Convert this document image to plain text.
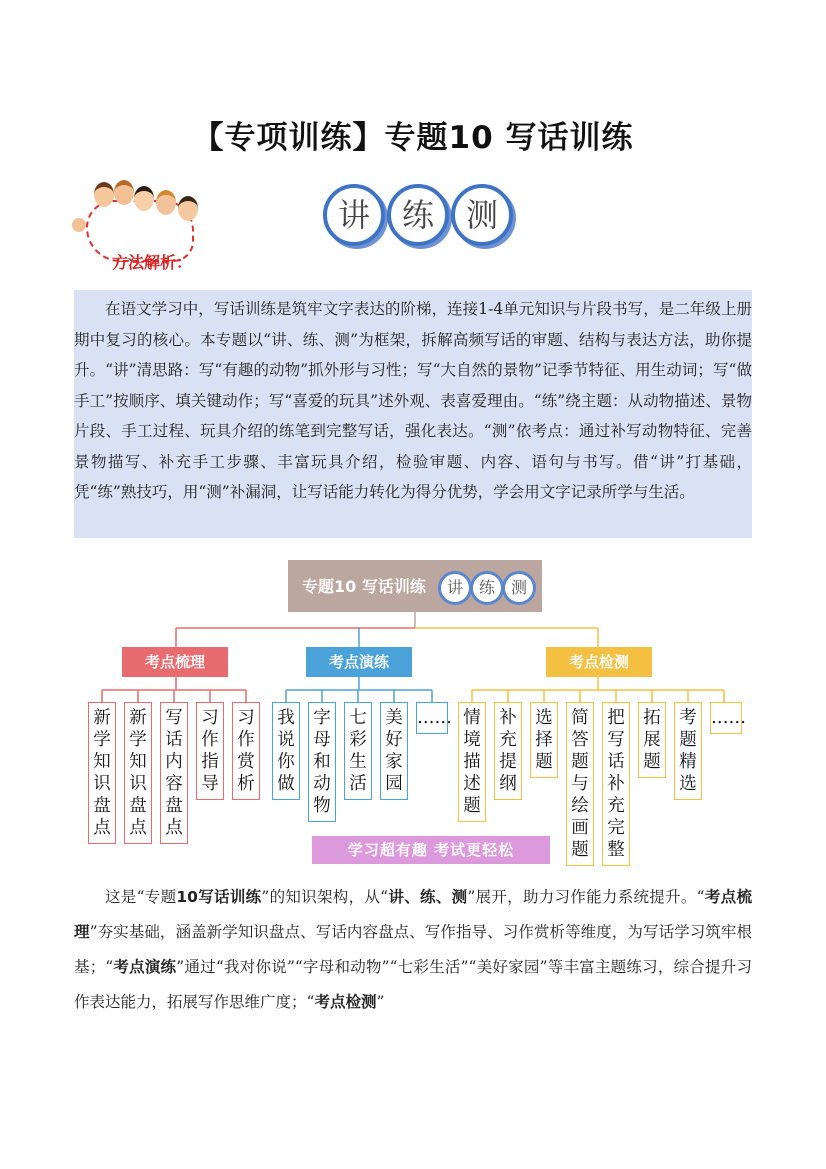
【专项训练】专题10 写话训练
方法解析：
讲 练 测

在语文学习中，写话训练是筑牢文字表达的阶梯，连接1-4单元知识与片段书写，是二年级上册期中复习的核心。本专题以“讲、练、测”为框架，拆解高频写话的审题、结构与表达方法，助你提升。“讲”清思路：写“有趣的动物”抓外形与习性；写“大自然的景物”记季节特征、用生动词；写“做手工”按顺序、填关键动作；写“喜爱的玩具”述外观、表喜爱理由。“练”绕主题：从动物描述、景物片段、手工过程、玩具介绍的练笔到完整写话，强化表达。“测”依考点：通过补写动物特征、完善景物描写、补充手工步骤、丰富玩具介绍，检验审题、内容、语句与书写。借“讲”打基础，凭“练”熟技巧，用“测”补漏洞，让写话能力转化为得分优势，学会用文字记录所学与生活。

专题10 写话训练	讲 练 测
考点梳理	考点演练	考点检测
新学知识盘点
新学知识盘点
写话内容盘点
习作指导
习作赏析
我说你做
字母和动物
七彩生活
美好家园
…… 情境描述题
补充提纲
选择题
简答题与绘画题
把写话补充完整
拓展题
考题精选
……
学习超有趣 考试更轻松

这是“专题10写话训练”的知识架构，从“讲、练、测”展开，助力习作能力系统提升。“考点梳理”夯实基础，涵盖新学知识盘点、写话内容盘点、写作指导、习作赏析等维度，为写话学习筑牢根基；“考点演练”通过“我对你说”“字母和动物”“七彩生活”“美好家园”等丰富主题练习，综合提升习作表达能力，拓展写作思维广度；“考点检测”
